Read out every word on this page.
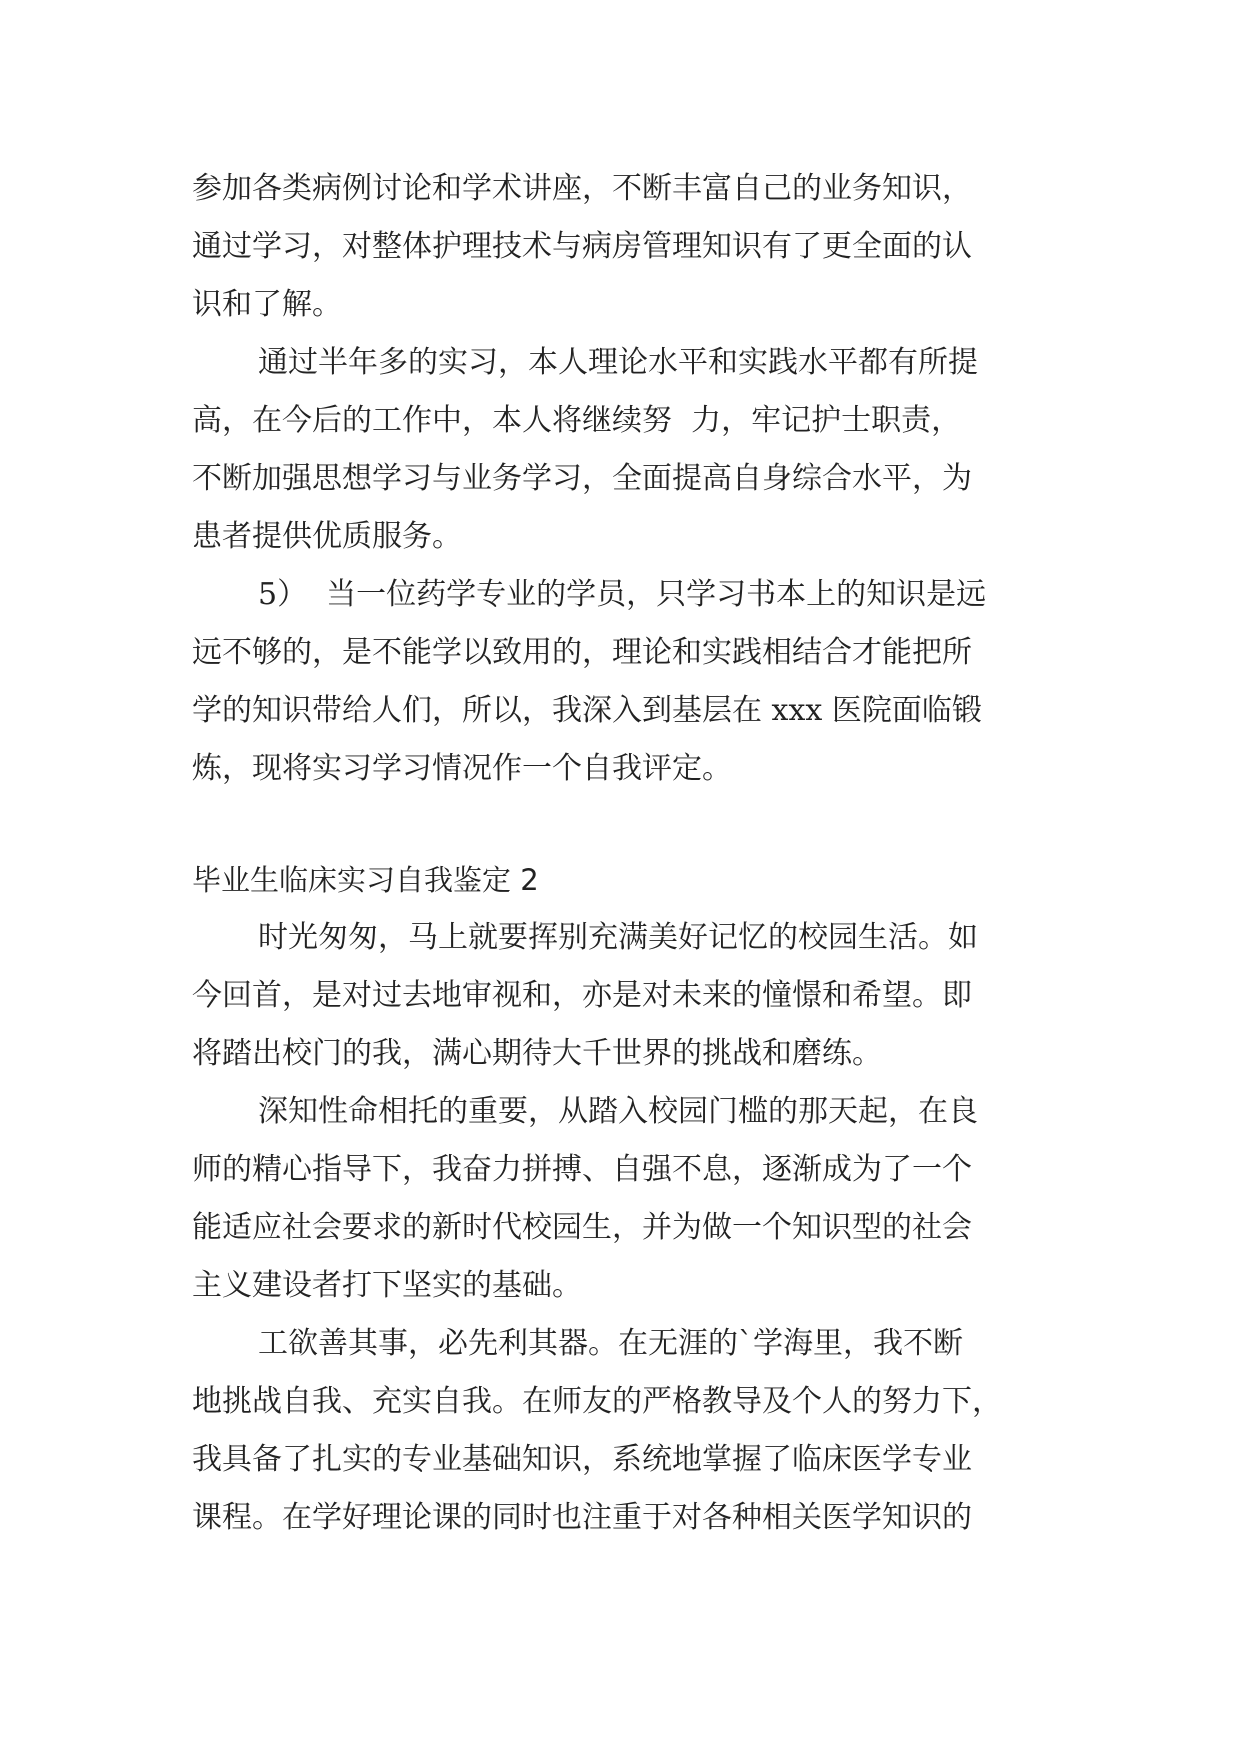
参加各类病例讨论和学术讲座，不断丰富自己的业务知识，
通过学习，对整体护理技术与病房管理知识有了更全面的认
识和了解。
通过半年多的实习，本人理论水平和实践水平都有所提
高，在今后的工作中，本人将继续努  力，牢记护士职责，
不断加强思想学习与业务学习，全面提高自身综合水平，为
患者提供优质服务。
5）  当一位药学专业的学员，只学习书本上的知识是远
远不够的，是不能学以致用的，理论和实践相结合才能把所
学的知识带给人们，所以，我深入到基层在 xxx 医院面临锻
炼，现将实习学习情况作一个自我评定。
毕业生临床实习自我鉴定 2
时光匆匆，马上就要挥别充满美好记忆的校园生活。如
今回首，是对过去地审视和，亦是对未来的憧憬和希望。即
将踏出校门的我，满心期待大千世界的挑战和磨练。
深知性命相托的重要，从踏入校园门槛的那天起，在良
师的精心指导下，我奋力拼搏、自强不息，逐渐成为了一个
能适应社会要求的新时代校园生，并为做一个知识型的社会
主义建设者打下坚实的基础。
工欲善其事，必先利其器。在无涯的`学海里，我不断
地挑战自我、充实自我。在师友的严格教导及个人的努力下，
我具备了扎实的专业基础知识，系统地掌握了临床医学专业
课程。在学好理论课的同时也注重于对各种相关医学知识的
